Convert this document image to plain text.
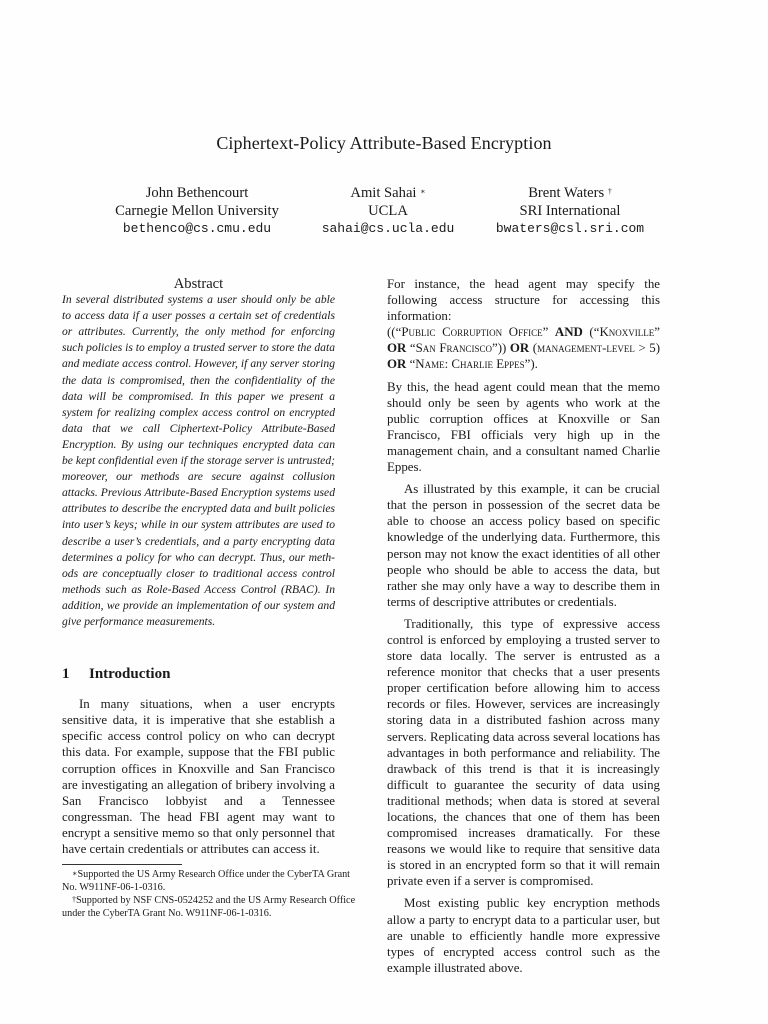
Ciphertext-Policy Attribute-Based Encryption
John Bethencourt
Carnegie Mellon University
bethenco@cs.cmu.edu
Amit Sahai ∗
UCLA
sahai@cs.ucla.edu
Brent Waters †
SRI International
bwaters@csl.sri.com

Abstract

In several distributed systems a user should only be able to access data if a user posses a certain set of credentials or attributes. Currently, the only method for enforcing such policies is to employ a trusted server to store the data and mediate access control. However, if any server storing the data is compromised, then the confidentiality of the data will be compromised. In this paper we present a system for realizing complex access control on encrypted data that we call Ciphertext-Policy Attribute-Based Encryption. By using our techniques encrypted data can be kept confidential even if the storage server is untrusted; moreover, our methods are secure against collusion attacks. Previous Attribute-Based Encryption systems used attributes to describe the encrypted data and built policies into user’s keys; while in our system attributes are used to describe a user’s credentials, and a party encrypting data determines a policy for who can decrypt. Thus, our methods are conceptually closer to traditional access control methods such as Role-Based Access Control (RBAC). In addition, we provide an implementation of our system and give performance measurements.

1 Introduction

In many situations, when a user encrypts sensitive data, it is imperative that she establish a specific access control policy on who can decrypt this data. For example, suppose that the FBI public corruption offices in Knoxville and San Francisco are investigating an allegation of bribery involving a San Francisco lobbyist and a Tennessee congressman. The head FBI agent may want to encrypt a sensitive memo so that only personnel that have certain credentials or attributes can access it.

∗Supported the US Army Research Office under the CyberTA Grant No. W911NF-06-1-0316.
†Supported by NSF CNS-0524252 and the US Army Research Office under the CyberTA Grant No. W911NF-06-1-0316.

For instance, the head agent may specify the following access structure for accessing this information:

((“Public Corruption Office” AND (“Knoxville” OR “San Francisco”)) OR (management-level > 5) OR “Name: Charlie Eppes”).

By this, the head agent could mean that the memo should only be seen by agents who work at the public corruption offices at Knoxville or San Francisco, FBI officials very high up in the management chain, and a consultant named Charlie Eppes.

As illustrated by this example, it can be crucial that the person in possession of the secret data be able to choose an access policy based on specific knowledge of the underlying data. Furthermore, this person may not know the exact identities of all other people who should be able to access the data, but rather she may only have a way to describe them in terms of descriptive attributes or credentials.

Traditionally, this type of expressive access control is enforced by employing a trusted server to store data locally. The server is entrusted as a reference monitor that checks that a user presents proper certification before allowing him to access records or files. However, services are increasingly storing data in a distributed fashion across many servers. Replicating data across several locations has advantages in both performance and reliability. The drawback of this trend is that it is increasingly difficult to guarantee the security of data using traditional methods; when data is stored at several locations, the chances that one of them has been compromised increases dramatically. For these reasons we would like to require that sensitive data is stored in an encrypted form so that it will remain private even if a server is compromised.

Most existing public key encryption methods allow a party to encrypt data to a particular user, but are unable to efficiently handle more expressive types of encrypted access control such as the example illustrated above.
